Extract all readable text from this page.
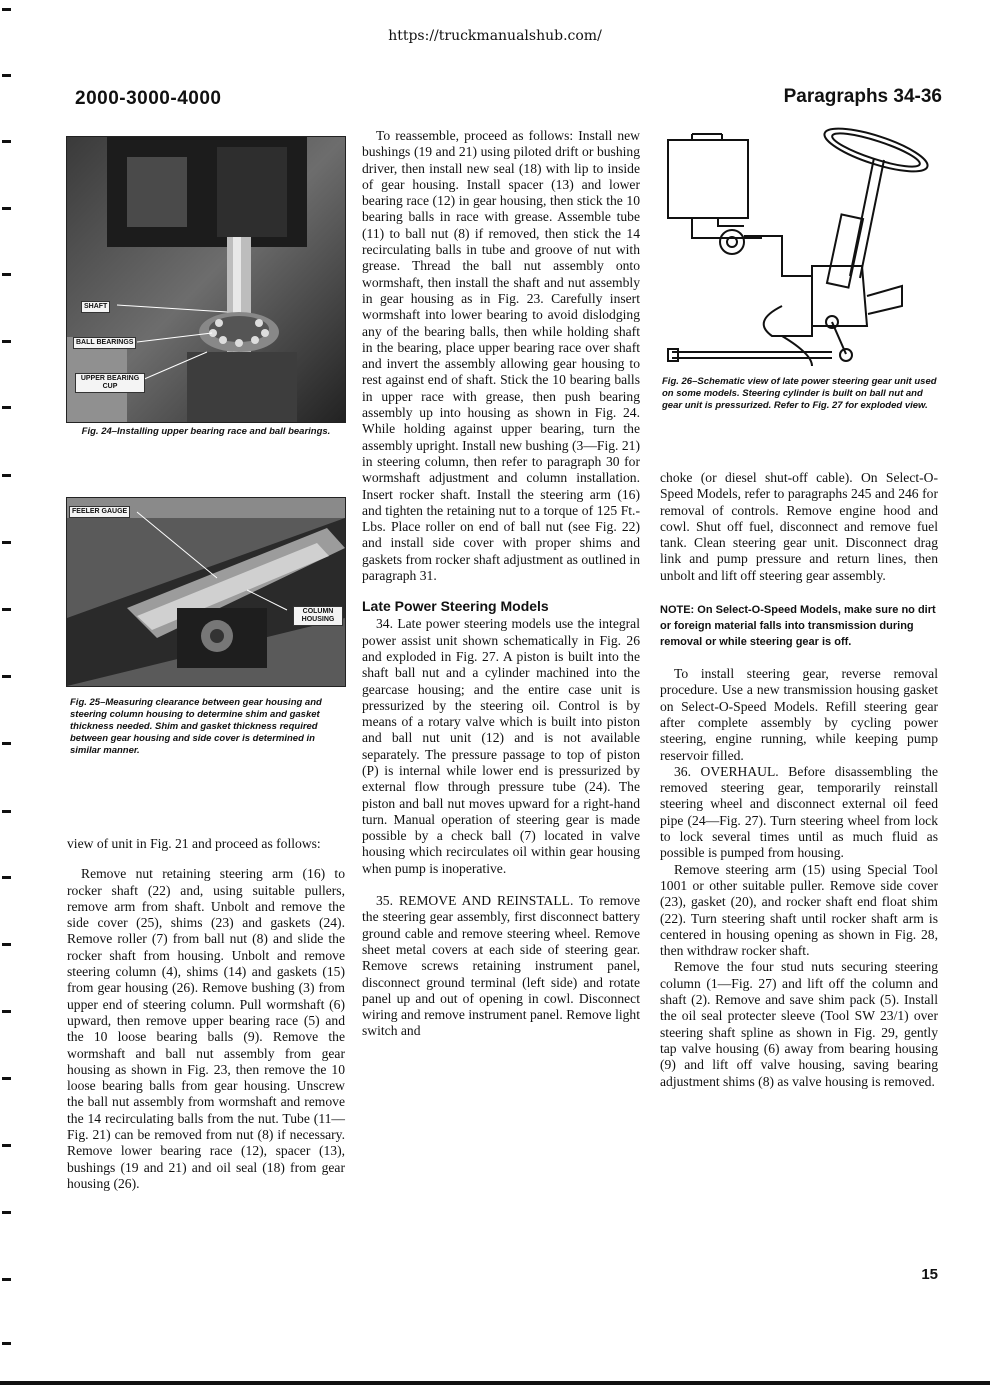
https://truckmanualshub.com/
2000-3000-4000	Paragraphs 34-36
SHAFT
BALL BEARINGS
UPPER BEARING CUP
Fig. 24–Installing upper bearing race and ball bearings.
FEELER GAUGE
COLUMN HOUSING
Fig. 25–Measuring clearance between gear housing and steering column housing to determine shim and gasket thickness needed. Shim and gasket thickness required between gear housing and side cover is determined in similar manner.
Fig. 26–Schematic view of late power steering gear unit used on some models. Steering cylinder is built on ball nut and gear unit is pressurized. Refer to Fig. 27 for exploded view.

view of unit in Fig. 21 and proceed as follows:

Remove nut retaining steering arm (16) to rocker shaft (22) and, using suitable pullers, remove arm from shaft. Unbolt and remove the side cover (25), shims (23) and gaskets (24). Remove roller (7) from ball nut (8) and slide the rocker shaft from housing. Unbolt and remove steering column (4), shims (14) and gaskets (15) from gear housing (26). Remove bushing (3) from upper end of steering column. Pull wormshaft (6) upward, then remove upper bearing race (5) and the 10 loose bearing balls (9). Remove the wormshaft and ball nut assembly from gear housing as shown in Fig. 23, then remove the 10 loose bearing balls from gear housing. Unscrew the ball nut assembly from wormshaft and remove the 14 recirculating balls from the nut. Tube (11—Fig. 21) can be removed from nut (8) if necessary. Remove lower bearing race (12), spacer (13), bushings (19 and 21) and oil seal (18) from gear housing (26).

To reassemble, proceed as follows: Install new bushings (19 and 21) using piloted drift or bushing driver, then install new seal (18) with lip to inside of gear housing. Install spacer (13) and lower bearing race (12) in gear housing, then stick the 10 bearing balls in race with grease. Assemble tube (11) to ball nut (8) if removed, then stick the 14 recirculating balls in tube and groove of nut with grease. Thread the ball nut assembly onto wormshaft, then install the shaft and nut assembly in gear housing as in Fig. 23. Carefully insert wormshaft into lower bearing to avoid dislodging any of the bearing balls, then while holding shaft in the bearing, place upper bearing race over shaft and invert the assembly allowing gear housing to rest against end of shaft. Stick the 10 bearing balls in upper race with grease, then push bearing assembly up into housing as shown in Fig. 24. While holding against upper bearing, turn the assembly upright. Install new bushing (3—Fig. 21) in steering column, then refer to paragraph 30 for wormshaft adjustment and column installation. Insert rocker shaft. Install the steering arm (16) and tighten the retaining nut to a torque of 125 Ft.-Lbs. Place roller on end of ball nut (see Fig. 22) and install side cover with proper shims and gaskets from rocker shaft adjustment as outlined in paragraph 31.

Late Power Steering Models

34. Late power steering models use the integral power assist unit shown schematically in Fig. 26 and exploded in Fig. 27. A piston is built into the shaft ball nut and a cylinder machined into the gearcase housing; and the entire case unit is pressurized by the steering oil. Control is by means of a rotary valve which is built into piston and ball nut unit (12) and is not available separately. The pressure passage to top of piston (P) is internal while lower end is pressurized by external flow through pressure tube (24). The piston and ball nut moves upward for a right-hand turn. Manual operation of steering gear is made possible by a check ball (7) located in valve housing which recirculates oil within gear housing when pump is inoperative.

35. REMOVE AND REINSTALL. To remove the steering gear assembly, first disconnect battery ground cable and remove steering wheel. Remove sheet metal covers at each side of steering gear. Remove screws retaining instrument panel, disconnect ground terminal (left side) and rotate panel up and out of opening in cowl. Disconnect wiring and remove instrument panel. Remove light switch and

choke (or diesel shut-off cable). On Select-O-Speed Models, refer to paragraphs 245 and 246 for removal of controls. Remove engine hood and cowl. Shut off fuel, disconnect and remove fuel tank. Clean steering gear unit. Disconnect drag link and pump pressure and return lines, then unbolt and lift off steering gear assembly.

NOTE: On Select-O-Speed Models, make sure no dirt or foreign material falls into transmission during removal or while steering gear is off.

To install steering gear, reverse removal procedure. Use a new transmission housing gasket on Select-O-Speed Models. Refill steering gear after complete assembly by cycling power steering, engine running, while keeping pump reservoir filled.

36. OVERHAUL. Before disassembling the removed steering gear, temporarily reinstall steering wheel and disconnect external oil feed pipe (24—Fig. 27). Turn steering wheel from lock to lock several times until as much fluid as possible is pumped from housing.

Remove steering arm (15) using Special Tool 1001 or other suitable puller. Remove side cover (23), gasket (20), and rocker shaft end float shim (22). Turn steering shaft until rocker shaft arm is centered in housing opening as shown in Fig. 28, then withdraw rocker shaft.

Remove the four stud nuts securing steering column (1—Fig. 27) and lift off the column and shaft (2). Remove and save shim pack (5). Install the oil seal protecter sleeve (Tool SW 23/1) over steering shaft spline as shown in Fig. 29, gently tap valve housing (6) away from bearing housing (9) and lift off valve housing, saving bearing adjustment shims (8) as valve housing is removed.

15
